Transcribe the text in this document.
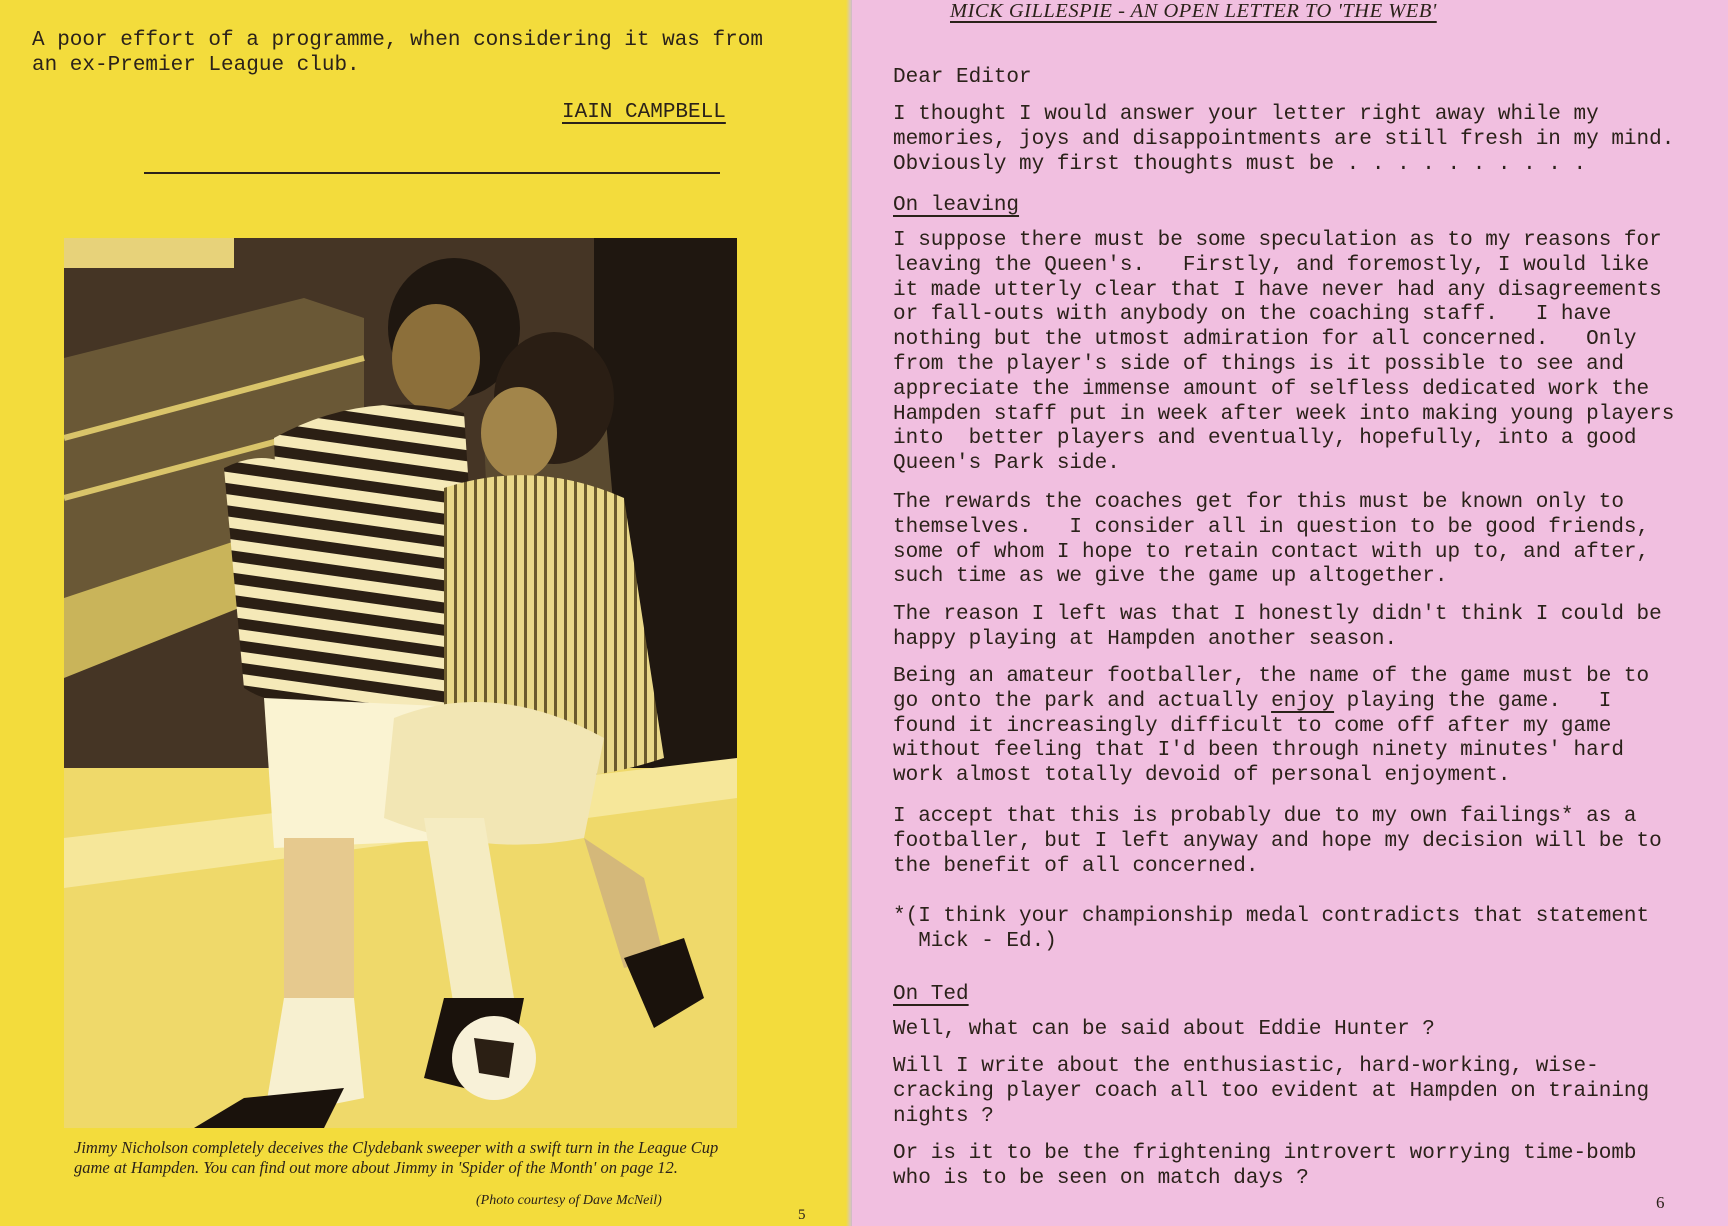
A poor effort of a programme, when considering it was from
an ex-Premier League club.
IAIN CAMPBELL
Jimmy Nicholson completely deceives the Clydebank sweeper with a swift turn in the League Cup game at Hampden. You can find out more about Jimmy in 'Spider of the Month' on page 12.
(Photo courtesy of Dave McNeil)
5
MICK GILLESPIE - AN OPEN LETTER TO 'THE WEB'
Dear Editor
I thought I would answer your letter right away while my
memories, joys and disappointments are still fresh in my mind.
Obviously my first thoughts must be . . . . . . . . . .
On leaving
I suppose there must be some speculation as to my reasons for
leaving the Queen's.   Firstly, and foremostly, I would like
it made utterly clear that I have never had any disagreements
or fall-outs with anybody on the coaching staff.   I have
nothing but the utmost admiration for all concerned.   Only
from the player's side of things is it possible to see and
appreciate the immense amount of selfless dedicated work the
Hampden staff put in week after week into making young players
into  better players and eventually, hopefully, into a good
Queen's Park side.
The rewards the coaches get for this must be known only to
themselves.   I consider all in question to be good friends,
some of whom I hope to retain contact with up to, and after,
such time as we give the game up altogether.
The reason I left was that I honestly didn't think I could be
happy playing at Hampden another season.
Being an amateur footballer, the name of the game must be to
go onto the park and actually enjoy playing the game.   I
found it increasingly difficult to come off after my game
without feeling that I'd been through ninety minutes' hard
work almost totally devoid of personal enjoyment.
I accept that this is probably due to my own failings* as a
footballer, but I left anyway and hope my decision will be to
the benefit of all concerned.
*(I think your championship medal contradicts that statement
Mick - Ed.)
On Ted
Well, what can be said about Eddie Hunter ?
Will I write about the enthusiastic, hard-working, wise-
cracking player coach all too evident at Hampden on training
nights ?
Or is it to be the frightening introvert worrying time-bomb
who is to be seen on match days ?
6
